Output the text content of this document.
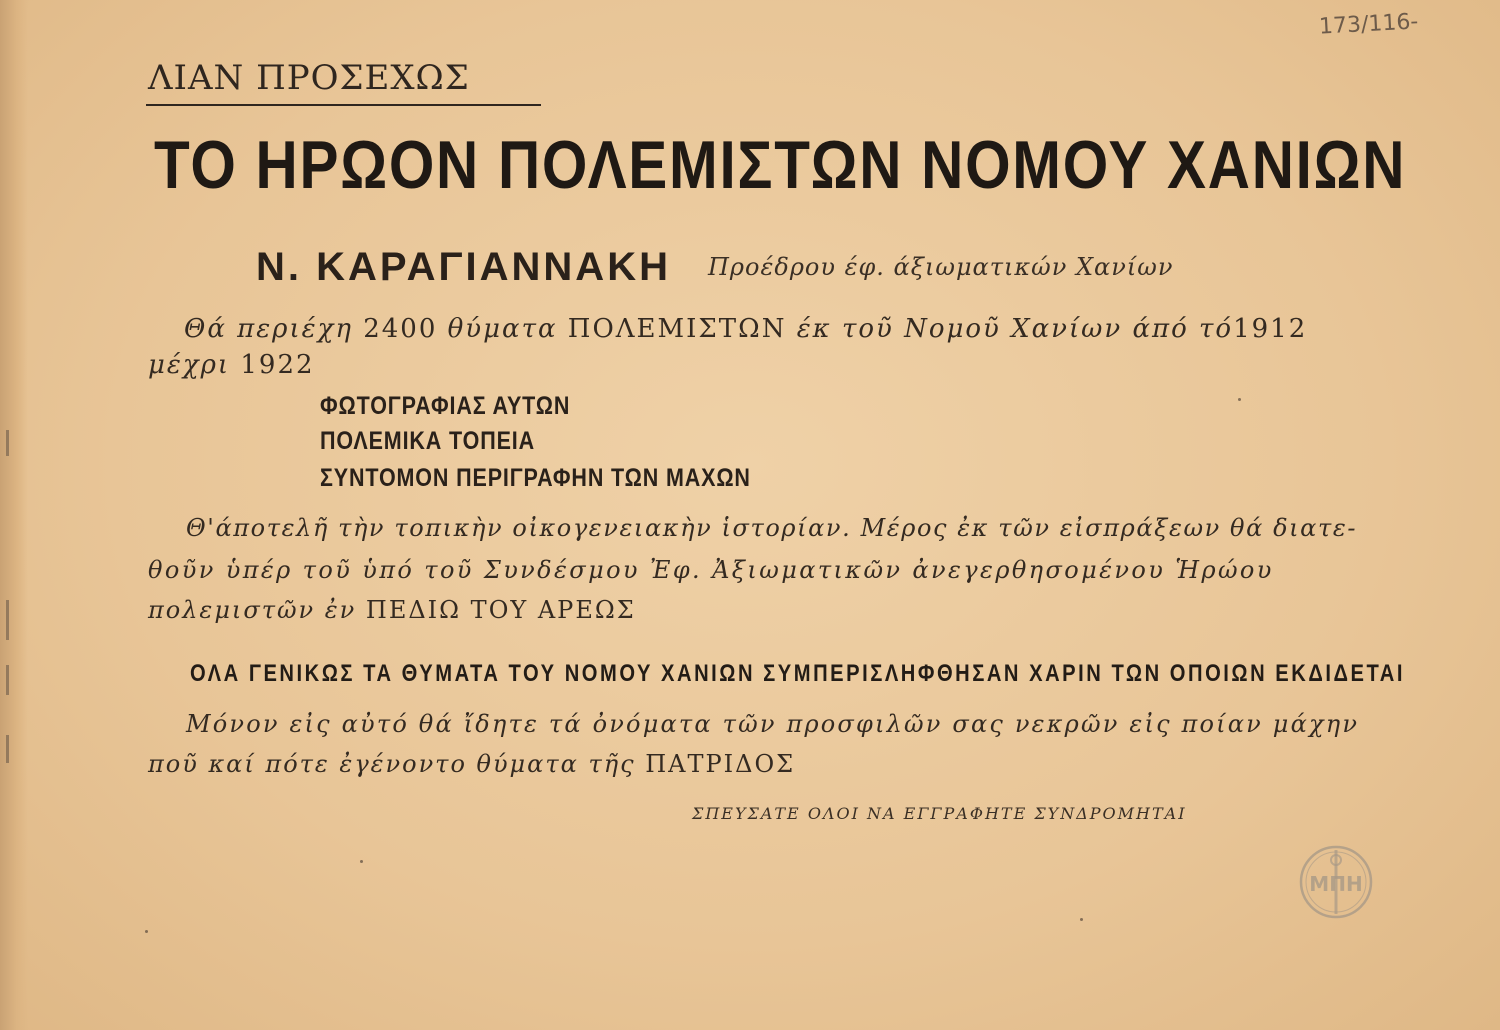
173/116-
ΛΙΑΝ ΠΡΟΣΕΧΩΣ
ΤΟ ΗΡΩΟΝ ΠΟΛΕΜΙΣΤΩΝ ΝΟΜΟΥ ΧΑΝΙΩΝ
Ν. ΚΑΡΑΓΙΑΝΝΑΚΗ Προέδρου έφ. άξιωματικών Χανίων
Θά περιέχη 2400 θύματα ΠΟΛΕΜΙΣΤΩΝ έκ τοῦ Νομοῦ Χανίων άπό τό1912
μέχρι 1922
ΦΩΤΟΓΡΑΦΙΑΣ ΑΥΤΩΝ
ΠΟΛΕΜΙΚΑ ΤΟΠΕΙΑ
ΣΥΝΤΟΜΟΝ ΠΕΡΙΓΡΑΦΗΝ ΤΩΝ ΜΑΧΩΝ
Θ'άποτελῆ τὴν τοπικὴν οἰκογενειακὴν ἱστορίαν. Μέρος ἐκ τῶν εἰσπράξεων θά διατε-
θοῦν ὑπέρ τοῦ ὑπό τοῦ Συνδέσμου Ἐφ. Ἀξιωματικῶν ἀνεγερθησομένου Ἡρώου
πολεμιστῶν ἐν ΠΕΔΙΩ ΤΟΥ ΑΡΕΩΣ
ΟΛΑ ΓΕΝΙΚΩΣ ΤΑ ΘΥΜΑΤΑ ΤΟΥ ΝΟΜΟΥ ΧΑΝΙΩΝ ΣΥΜΠΕΡΙΣΛΗΦΘΗΣΑΝ ΧΑΡΙΝ ΤΩΝ ΟΠΟΙΩΝ ΕΚΔΙΔΕΤΑΙ
Μόνον εἰς αὐτό θά ἴδητε τά ὀνόματα τῶν προσφιλῶν σας νεκρῶν εἰς ποίαν μάχην
ποῦ καί πότε ἐγένοντο θύματα τῆς ΠΑΤΡΙΔΟΣ
ΣΠΕΥΣΑΤΕ ΟΛΟΙ ΝΑ ΕΓΓΡΑΦΗΤΕ ΣΥΝΔΡΟΜΗΤΑΙ
ΜΠΗ
